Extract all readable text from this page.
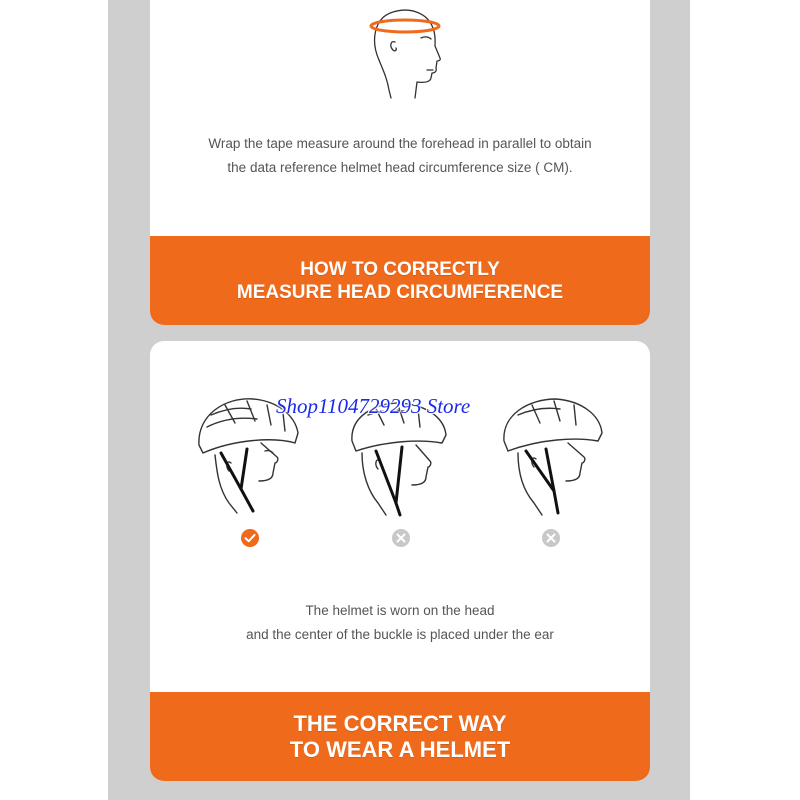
Wrap the tape measure around the forehead in parallel to obtain
the data reference helmet head circumference size ( CM).
HOW TO CORRECTLY
MEASURE HEAD CIRCUMFERENCE
The helmet is worn on the head
and the center of the buckle is placed under the ear
THE CORRECT WAY
TO WEAR A HELMET
Shop1104729293 Store
